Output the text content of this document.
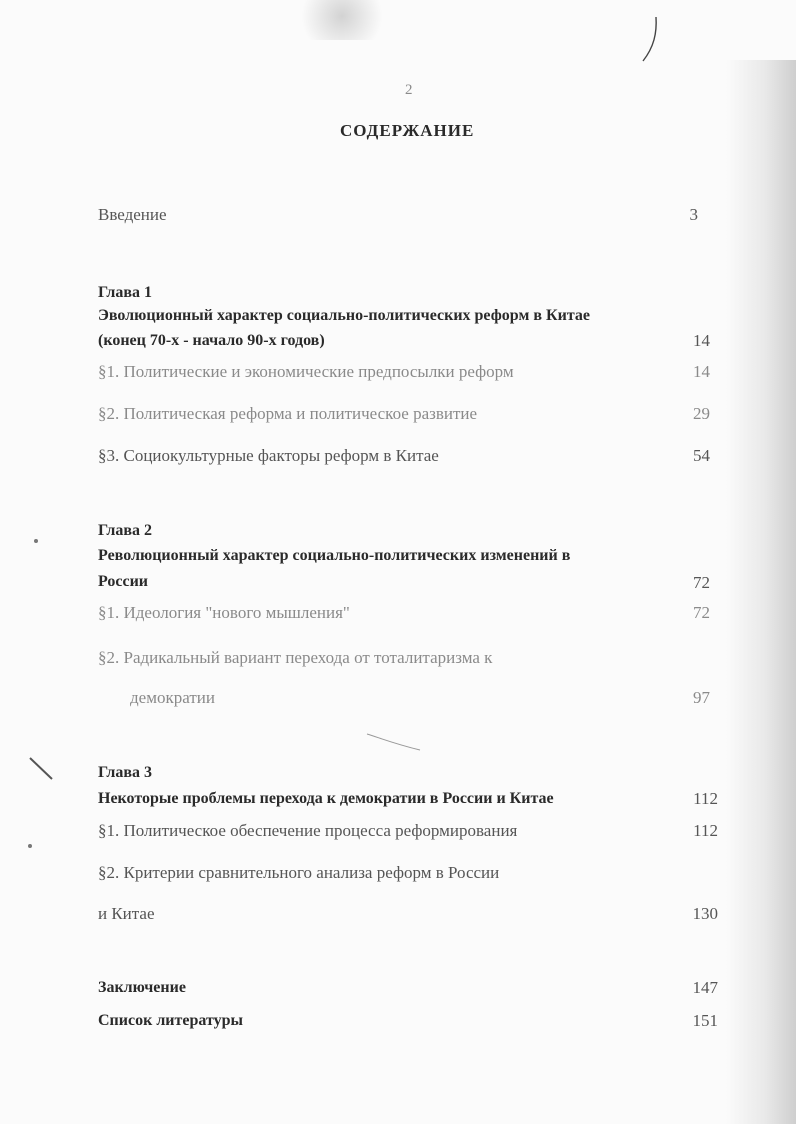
2
СОДЕРЖАНИЕ
Введение	3
Глава 1
Эволюционный характер социально-политических реформ в Китае
(конец 70-х - начало 90-х годов)	14
§1. Политические и экономические предпосылки реформ	14
§2. Политическая реформа и политическое развитие	29
§3. Социокультурные факторы реформ в Китае	54
Глава 2
Революционный характер социально-политических изменений в
России	72
§1. Идеология "нового мышления"	72
§2. Радикальный вариант перехода от тоталитаризма к
демократии	97
Глава 3
Некоторые проблемы перехода к демократии в России и Китае	112
§1. Политическое обеспечение процесса реформирования	112
§2. Критерии сравнительного анализа реформ в России
и Китае	130
Заключение	147
Список литературы	151
